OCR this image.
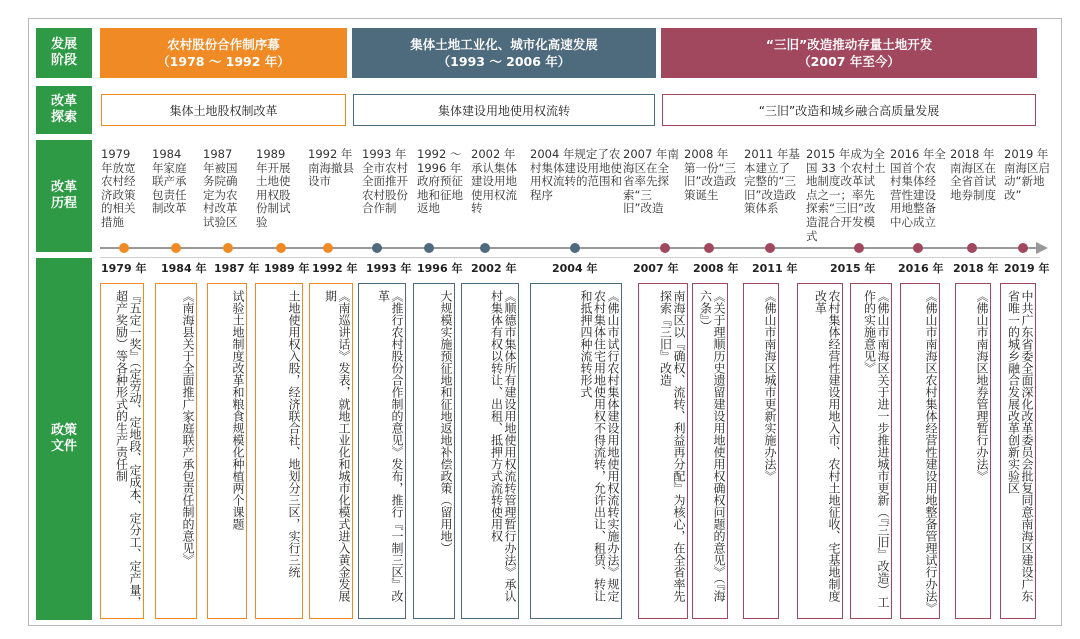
发展阶段
改革探索
改革历程
政策文件
农村股份合作制序幕
（1978 ～ 1992 年）
集体土地工业化、城市化高速发展
（1993 ～ 2006 年）
“三旧”改造推动存量土地开发
（2007 年至今）
集体土地股权制改革	集体建设用地使用权流转	“三旧”改造和城乡融合高质量发展
1979 年放宽农村经济政策的相关措施
1984 年家庭联产承包责任制改革
1987 年被国务院确定为农村改革试验区
1989 年开展土地使用权股份制试验
1992 年南海撤县设市
1993 年全市农村全面推开农村股份合作制
1992 ～ 1996 年政府预征地和征地返地
2002 年承认集体建设用地使用权流转
2004 年规定了农村集体建设用地使用权流转的范围和程序
2007 年南海区在全省率先探索“三旧”改造
2008 年第一份“三旧”改造政策诞生
2011 年基本建立了完整的“三旧”改造政策体系
2015 年成为全国 33 个农村土地制度改革试点之一；率先探索“三旧”改造混合开发模式
2016 年全国首个农村集体经营性建设用地整备中心成立
2018 年南海区在全省首试地券制度
2019 年南海区启动“新地改”
1979 年 1984 年 1987 年 1989 年 1992 年 1993 年 1996 年 2002 年	2004 年	2007 年 2008 年 2011 年	2015 年 2016 年 2018 年 2019 年
『五定一奖』（定劳动、定地段、定成本、定分工、定产量，超产奖励）等各种形式的生产责任制	《南海县关于全面推广家庭联产承包责任制的意见》	试验土地制度改革和粮食规模化种植两个课题	土地使用权入股，经济联合社、地划分三区，实行三统	《南巡讲话》发表，就地工业化和城市化模式进入黄金发展期	《推行农村股份合作制的意见》发布，推行『一制三区』改革	大规模实施预征地和征地返地补偿政策（留用地）	《顺德市集体所有建设用地使用权流转管理暂行办法》承认村集体有权以转让、出租、抵押方式流转使用权	《佛山市试行农村集体建设用地使用权流转实施办法》规定农村集体住宅用地使用权不得流转，允许出让、租赁、转让和抵押四种流转形式	南海区以『确权、流转、利益再分配』为核心，在全省率先探索『三旧』改造	《关于理顺历史遗留建设用地使用权确权问题的意见》（『海六条』）	《佛山市南海区城市更新实施办法》	农村集体经营性建设用地入市、农村土地征收、宅基地制度改革	《佛山市南海区关于进一步推进城市更新（『三旧』改造）工作的实施意见》	《佛山市南海区农村集体经营性建设用地整备管理试行办法》	《佛山市南海区地券管理暂行办法》	中共广东省委全面深化改革委员会批复同意南海区建设广东省唯一的城乡融合发展改革创新实验区
